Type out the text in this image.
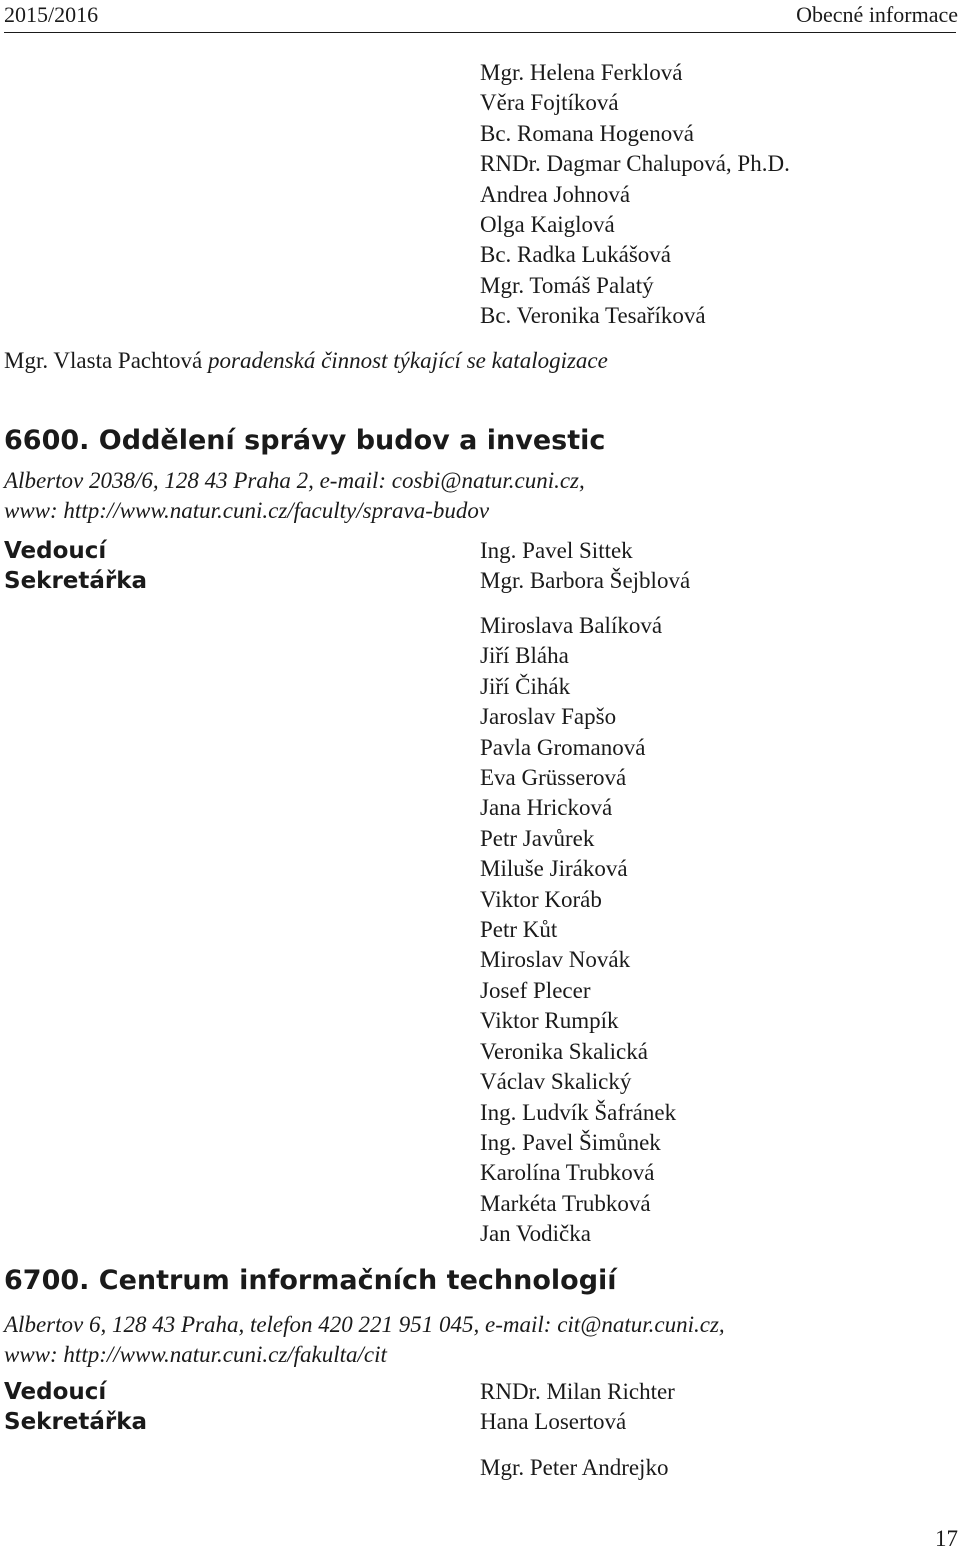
2015/2016	Obecné informace
Mgr. Helena Ferklová
Věra Fojtíková
Bc. Romana Hogenová
RNDr. Dagmar Chalupová, Ph.D.
Andrea Johnová
Olga Kaiglová
Bc. Radka Lukášová
Mgr. Tomáš Palatý
Bc. Veronika Tesaříková
Mgr. Vlasta Pachtová poradenská činnost týkající se katalogizace
6600. Oddělení správy budov a investic
Albertov 2038/6, 128 43 Praha 2, e-mail: cosbi@natur.cuni.cz,
www: http://www.natur.cuni.cz/faculty/sprava-budov
Vedoucí	Ing. Pavel Sittek
Sekretářka	Mgr. Barbora Šejblová
Miroslava Balíková
Jiří Bláha
Jiří Čihák
Jaroslav Fapšo
Pavla Gromanová
Eva Grüsserová
Jana Hricková
Petr Javůrek
Miluše Jiráková
Viktor Koráb
Petr Kůt
Miroslav Novák
Josef Plecer
Viktor Rumpík
Veronika Skalická
Václav Skalický
Ing. Ludvík Šafránek
Ing. Pavel Šimůnek
Karolína Trubková
Markéta Trubková
Jan Vodička
6700. Centrum informačních technologií
Albertov 6, 128 43 Praha, telefon 420 221 951 045, e-mail: cit@natur.cuni.cz,
www: http://www.natur.cuni.cz/fakulta/cit
Vedoucí	RNDr. Milan Richter
Sekretářka	Hana Losertová
Mgr. Peter Andrejko
17
